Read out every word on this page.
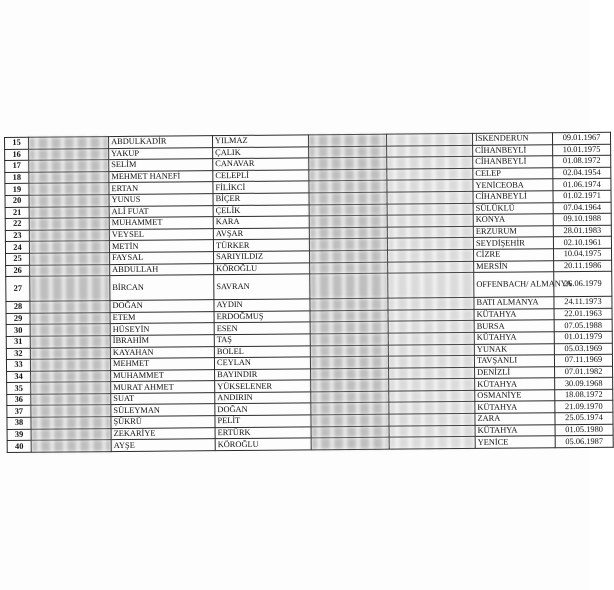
15		ABDULKADİR	YILMAZ			İSKENDERUN	09.01.1967
16		YAKUP	ÇALIK			CİHANBEYLİ	10.01.1975
17		SELİM	CANAVAR			CİHANBEYLİ	01.08.1972
18		MEHMET HANEFİ	CELEPLİ			CELEP	02.04.1954
19		ERTAN	FİLİKCİ			YENİCEOBA	01.06.1974
20		YUNUS	BİÇER			CİHANBEYLİ	01.02.1971
21		ALİ FUAT	ÇELİK			SÜLÜKLÜ	07.04.1964
22		MUHAMMET	KARA			KONYA	09.10.1988
23		VEYSEL	AVŞAR			ERZURUM	28.01.1983
24		METİN	TÜRKER			SEYDİŞEHİR	02.10.1961
25		FAYSAL	SARIYILDIZ			CİZRE	10.04.1975
26		ABDULLAH	KÖROĞLU			MERSİN	20.11.1986
27		BİRCAN	SAVRAN			OFFENBACH/ ALMANYA	26.06.1979
28		DOĞAN	AYDIN			BATI ALMANYA	24.11.1973
29		ETEM	ERDOĞMUŞ			KÜTAHYA	22.01.1963
30		HÜSEYİN	ESEN			BURSA	07.05.1988
31		İBRAHİM	TAŞ			KÜTAHYA	01.01.1979
32		KAYAHAN	BOLEL			YUNAK	05.03.1969
33		MEHMET	CEYLAN			TAVŞANLI	07.11.1969
34		MUHAMMET	BAYINDIR			DENİZLİ	07.01.1982
35		MURAT AHMET	YÜKSELENER			KÜTAHYA	30.09.1968
36		SUAT	ANDIRIN			OSMANİYE	18.08.1972
37		SÜLEYMAN	DOĞAN			KÜTAHYA	21.09.1970
38		ŞÜKRÜ	PELİT			ZARA	25.05.1974
39		ZEKARİYE	ERTÜRK			KÜTAHYA	01.05.1980
40		AYŞE	KÖROĞLU			YENİCE	05.06.1987
